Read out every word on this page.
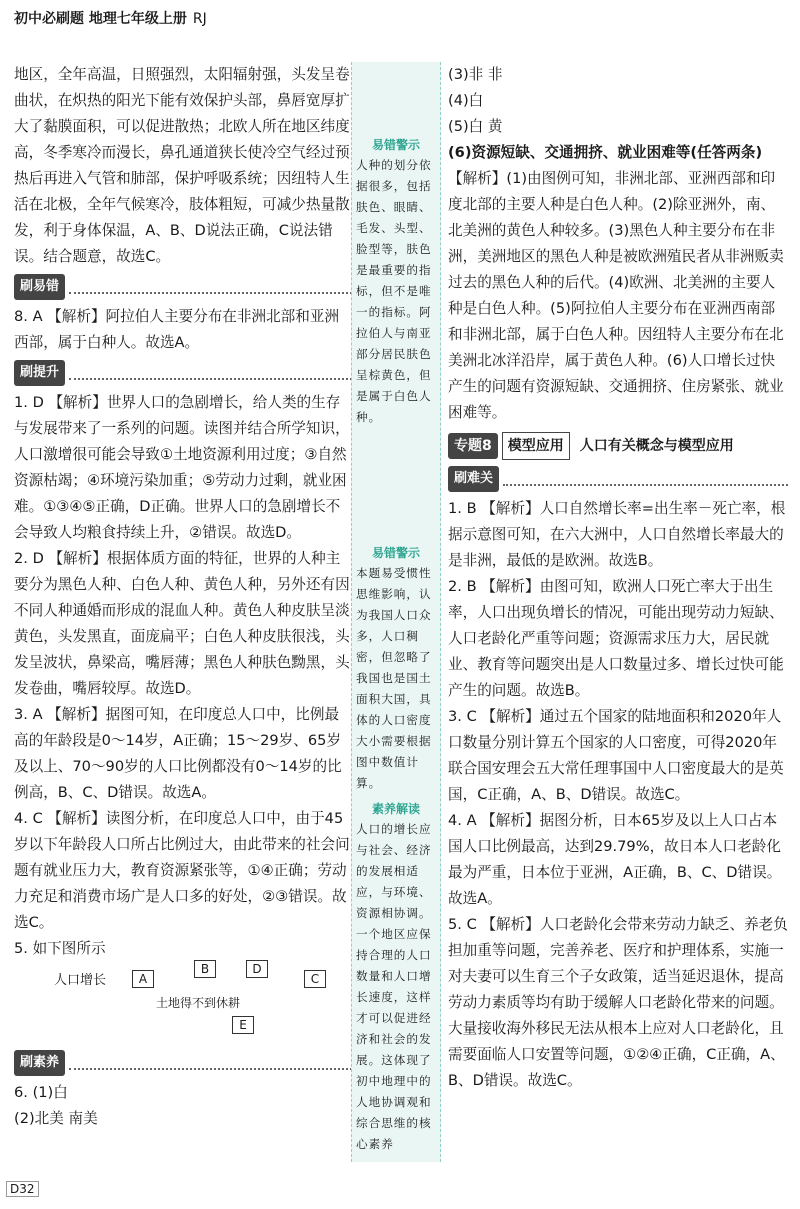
初中必刷题 地理七年级上册 RJ

地区，全年高温，日照强烈，太阳辐射强，头发呈卷曲状，在炽热的阳光下能有效保护头部，鼻唇宽厚扩大了黏膜面积，可以促进散热；北欧人所在地区纬度高，冬季寒冷而漫长，鼻孔通道狭长使冷空气经过预热后再进入气管和肺部，保护呼吸系统；因纽特人生活在北极，全年气候寒冷，肢体粗短，可减少热量散发，利于身体保温，A、B、D说法正确，C说法错误。结合题意，故选C。

刷易错

8. A 【解析】阿拉伯人主要分布在非洲北部和亚洲西部，属于白种人。故选A。

刷提升

1. D 【解析】世界人口的急剧增长，给人类的生存与发展带来了一系列的问题。读图并结合所学知识，人口激增很可能会导致①土地资源利用过度；③自然资源枯竭；④环境污染加重；⑤劳动力过剩，就业困难。①③④⑤正确，D正确。世界人口的急剧增长不会导致人均粮食持续上升，②错误。故选D。

2. D 【解析】根据体质方面的特征，世界的人种主要分为黑色人种、白色人种、黄色人种，另外还有因不同人种通婚而形成的混血人种。黄色人种皮肤呈淡黄色，头发黑直，面庞扁平；白色人种皮肤很浅，头发呈波状，鼻梁高，嘴唇薄；黑色人种肤色黝黑，头发卷曲，嘴唇较厚。故选D。

3. A 【解析】据图可知，在印度总人口中，比例最高的年龄段是0～14岁，A正确；15～29岁、65岁及以上、70～90岁的人口比例都没有0～14岁的比例高，B、C、D错误。故选A。

4. C 【解析】读图分析，在印度总人口中，由于45岁以下年龄段人口所占比例过大，由此带来的社会问题有就业压力大，教育资源紧张等，①④正确；劳动力充足和消费市场广是人口多的好处，②③错误。故选C。

5. 如下图所示

人口增长	A
B	D
C
土地得不到休耕
E
刷素养

6. (1)白

(2)北美 南美

易错警示
人种的划分依据很多，包括肤色、眼睛、毛发、头型、脸型等，肤色是最重要的指标，但不是唯一的指标。阿拉伯人与南亚部分居民肤色呈棕黄色，但是属于白色人种。
易错警示
本题易受惯性思维影响，认为我国人口众多，人口稠密，但忽略了我国也是国土面积大国，具体的人口密度大小需要根据图中数值计算。
素养解读
人口的增长应与社会、经济的发展相适应，与环境、资源相协调。一个地区应保持合理的人口数量和人口增长速度，这样才可以促进经济和社会的发展。这体现了初中地理中的人地协调观和综合思维的核心素养

(3)非 非

(4)白

(5)白 黄

(6)资源短缺、交通拥挤、就业困难等(任答两条)

【解析】(1)由图例可知，非洲北部、亚洲西部和印度北部的主要人种是白色人种。(2)除亚洲外，南、北美洲的黄色人种较多。(3)黑色人种主要分布在非洲，美洲地区的黑色人种是被欧洲殖民者从非洲贩卖过去的黑色人种的后代。(4)欧洲、北美洲的主要人种是白色人种。(5)阿拉伯人主要分布在亚洲西南部和非洲北部，属于白色人种。因纽特人主要分布在北美洲北冰洋沿岸，属于黄色人种。(6)人口增长过快产生的问题有资源短缺、交通拥挤、住房紧张、就业困难等。

专题8	模型应用	人口有关概念与模型应用
刷难关

1. B 【解析】人口自然增长率=出生率－死亡率，根据示意图可知，在六大洲中，人口自然增长率最大的是非洲，最低的是欧洲。故选B。

2. B 【解析】由图可知，欧洲人口死亡率大于出生率，人口出现负增长的情况，可能出现劳动力短缺、人口老龄化严重等问题；资源需求压力大，居民就业、教育等问题突出是人口数量过多、增长过快可能产生的问题。故选B。

3. C 【解析】通过五个国家的陆地面积和2020年人口数量分别计算五个国家的人口密度，可得2020年联合国安理会五大常任理事国中人口密度最大的是英国，C正确，A、B、D错误。故选C。

4. A 【解析】据图分析，日本65岁及以上人口占本国人口比例最高，达到29.79%，故日本人口老龄化最为严重，日本位于亚洲，A正确，B、C、D错误。故选A。

5. C 【解析】人口老龄化会带来劳动力缺乏、养老负担加重等问题，完善养老、医疗和护理体系，实施一对夫妻可以生育三个子女政策，适当延迟退休，提高劳动力素质等均有助于缓解人口老龄化带来的问题。大量接收海外移民无法从根本上应对人口老龄化，且需要面临人口安置等问题，①②④正确，C正确，A、B、D错误。故选C。

D32
